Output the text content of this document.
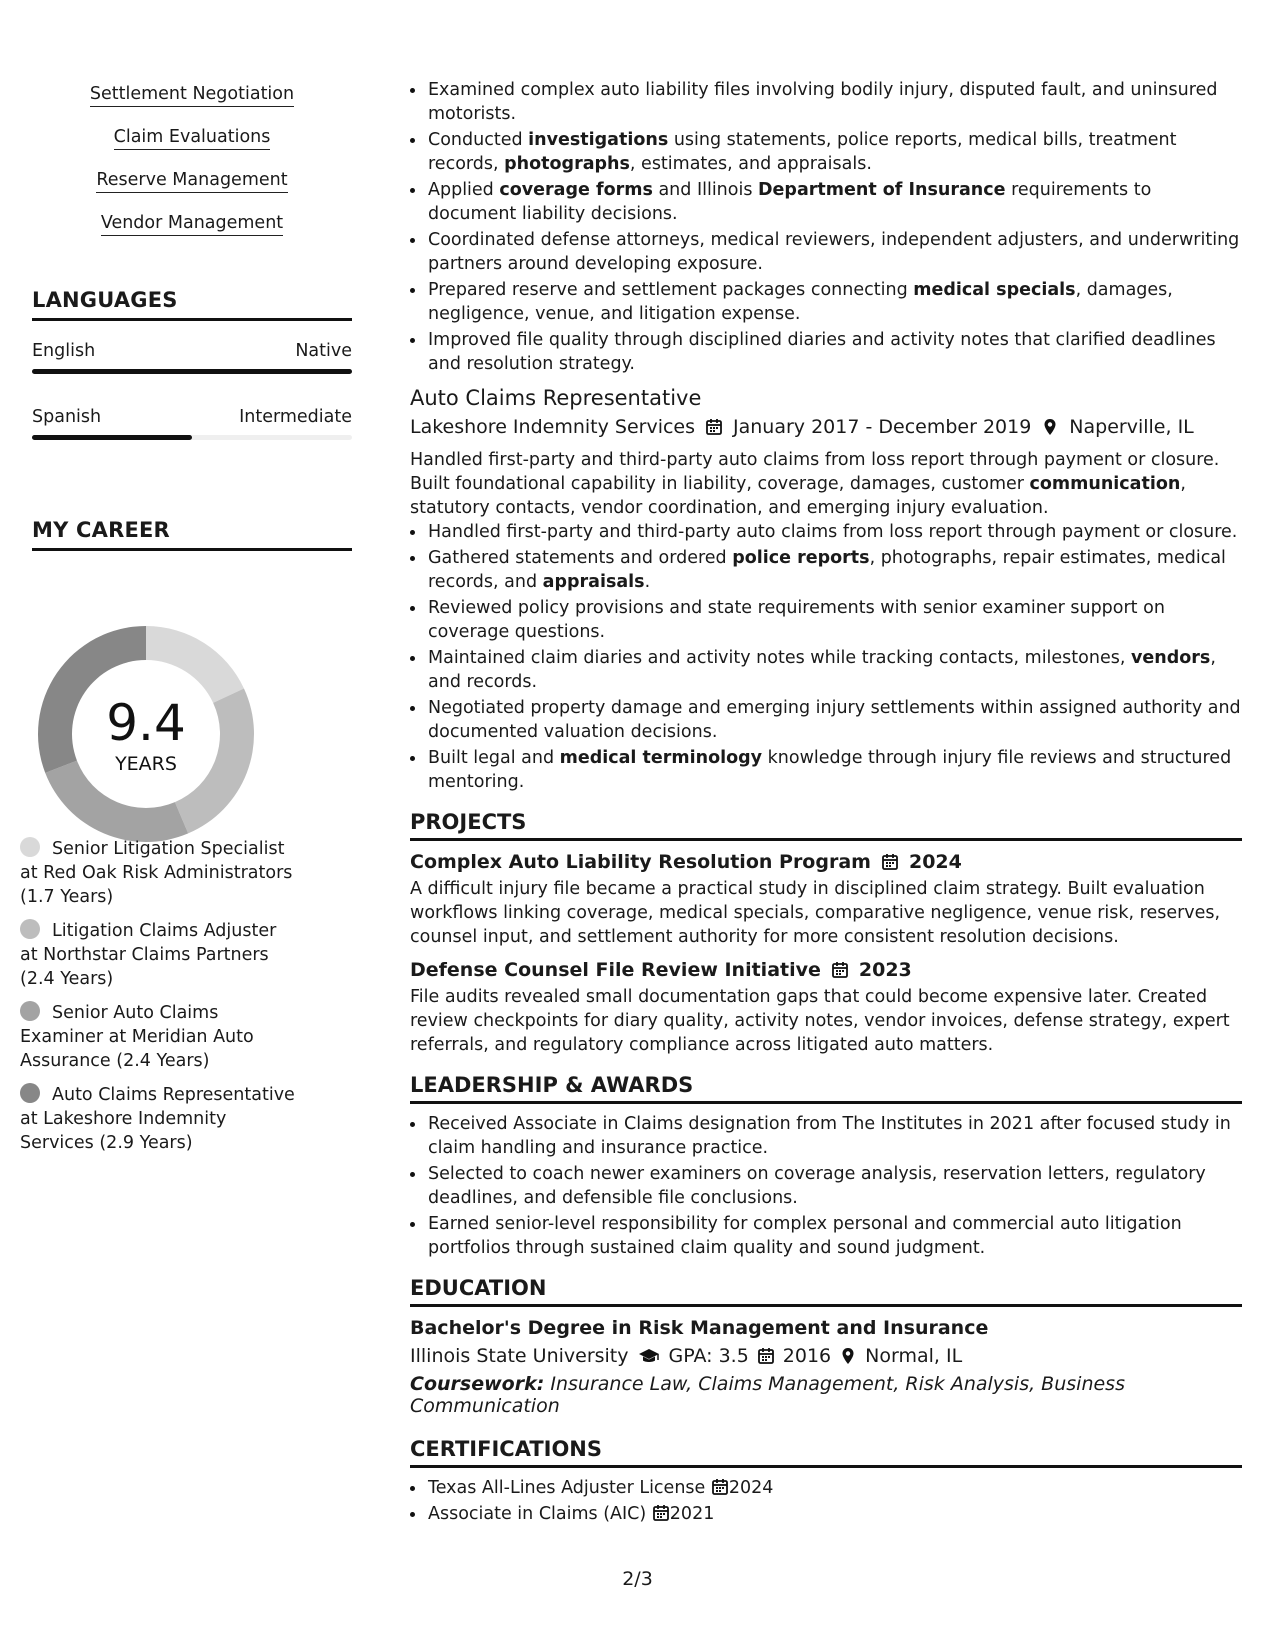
Settlement Negotiation
Claim Evaluations
Reserve Management
Vendor Management
LANGUAGES
English	Native
Spanish	Intermediate
MY CAREER
9.4
YEARS
Senior Litigation Specialist at Red Oak Risk Administrators (1.7 Years)
Litigation Claims Adjuster at Northstar Claims Partners (2.4 Years)
Senior Auto Claims Examiner at Meridian Auto Assurance (2.4 Years)
Auto Claims Representative at Lakeshore Indemnity Services (2.9 Years)
Examined complex auto liability files involving bodily injury, disputed fault, and uninsured motorists.
Conducted investigations using statements, police reports, medical bills, treatment records, photographs, estimates, and appraisals.
Applied coverage forms and Illinois Department of Insurance requirements to document liability decisions.
Coordinated defense attorneys, medical reviewers, independent adjusters, and underwriting partners around developing exposure.
Prepared reserve and settlement packages connecting medical specials, damages, negligence, venue, and litigation expense.
Improved file quality through disciplined diaries and activity notes that clarified deadlines and resolution strategy.
Auto Claims Representative
Lakeshore Indemnity Services January 2017 - December 2019 Naperville, IL
Handled first-party and third-party auto claims from loss report through payment or closure. Built foundational capability in liability, coverage, damages, customer communication, statutory contacts, vendor coordination, and emerging injury evaluation.
Handled first-party and third-party auto claims from loss report through payment or closure.
Gathered statements and ordered police reports, photographs, repair estimates, medical records, and appraisals.
Reviewed policy provisions and state requirements with senior examiner support on coverage questions.
Maintained claim diaries and activity notes while tracking contacts, milestones, vendors, and records.
Negotiated property damage and emerging injury settlements within assigned authority and documented valuation decisions.
Built legal and medical terminology knowledge through injury file reviews and structured mentoring.
PROJECTS
Complex Auto Liability Resolution Program 2024
A difficult injury file became a practical study in disciplined claim strategy. Built evaluation workflows linking coverage, medical specials, comparative negligence, venue risk, reserves, counsel input, and settlement authority for more consistent resolution decisions.
Defense Counsel File Review Initiative 2023
File audits revealed small documentation gaps that could become expensive later. Created review checkpoints for diary quality, activity notes, vendor invoices, defense strategy, expert referrals, and regulatory compliance across litigated auto matters.
LEADERSHIP & AWARDS
Received Associate in Claims designation from The Institutes in 2021 after focused study in claim handling and insurance practice.
Selected to coach newer examiners on coverage analysis, reservation letters, regulatory deadlines, and defensible file conclusions.
Earned senior-level responsibility for complex personal and commercial auto litigation portfolios through sustained claim quality and sound judgment.
EDUCATION
Bachelor's Degree in Risk Management and Insurance
Illinois State University GPA: 3.5 2016 Normal, IL
Coursework: Insurance Law, Claims Management, Risk Analysis, Business Communication
CERTIFICATIONS
Texas All-Lines Adjuster License 2024
Associate in Claims (AIC) 2021
2/3
